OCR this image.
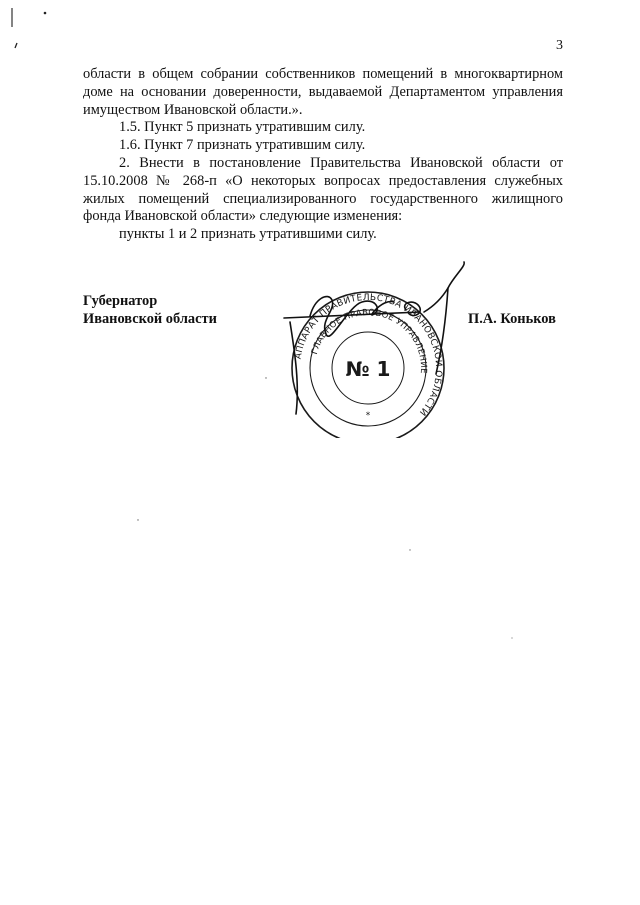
3

области в общем собрании собственников помещений в многоквартирном доме на основании доверенности, выдаваемой Департаментом управления имуществом Ивановской области.».

1.5. Пункт 5 признать утратившим силу.

1.6. Пункт 7 признать утратившим силу.

2. Внести в постановление Правительства Ивановской области от 15.10.2008 № 268-п «О некоторых вопросах предоставления служебных жилых помещений специализированного государственного жилищного фонда Ивановской области» следующие изменения:

пункты 1 и 2 признать утратившими силу.

Губернатор
Ивановской области	П.А. Коньков
АППАРАТ ПРАВИТЕЛЬСТВА ИВАНОВСКОЙ ОБЛАСТИ
ГЛАВНОЕ ПРАВОВОЕ УПРАВЛЕНИЕ
№ 1
*
